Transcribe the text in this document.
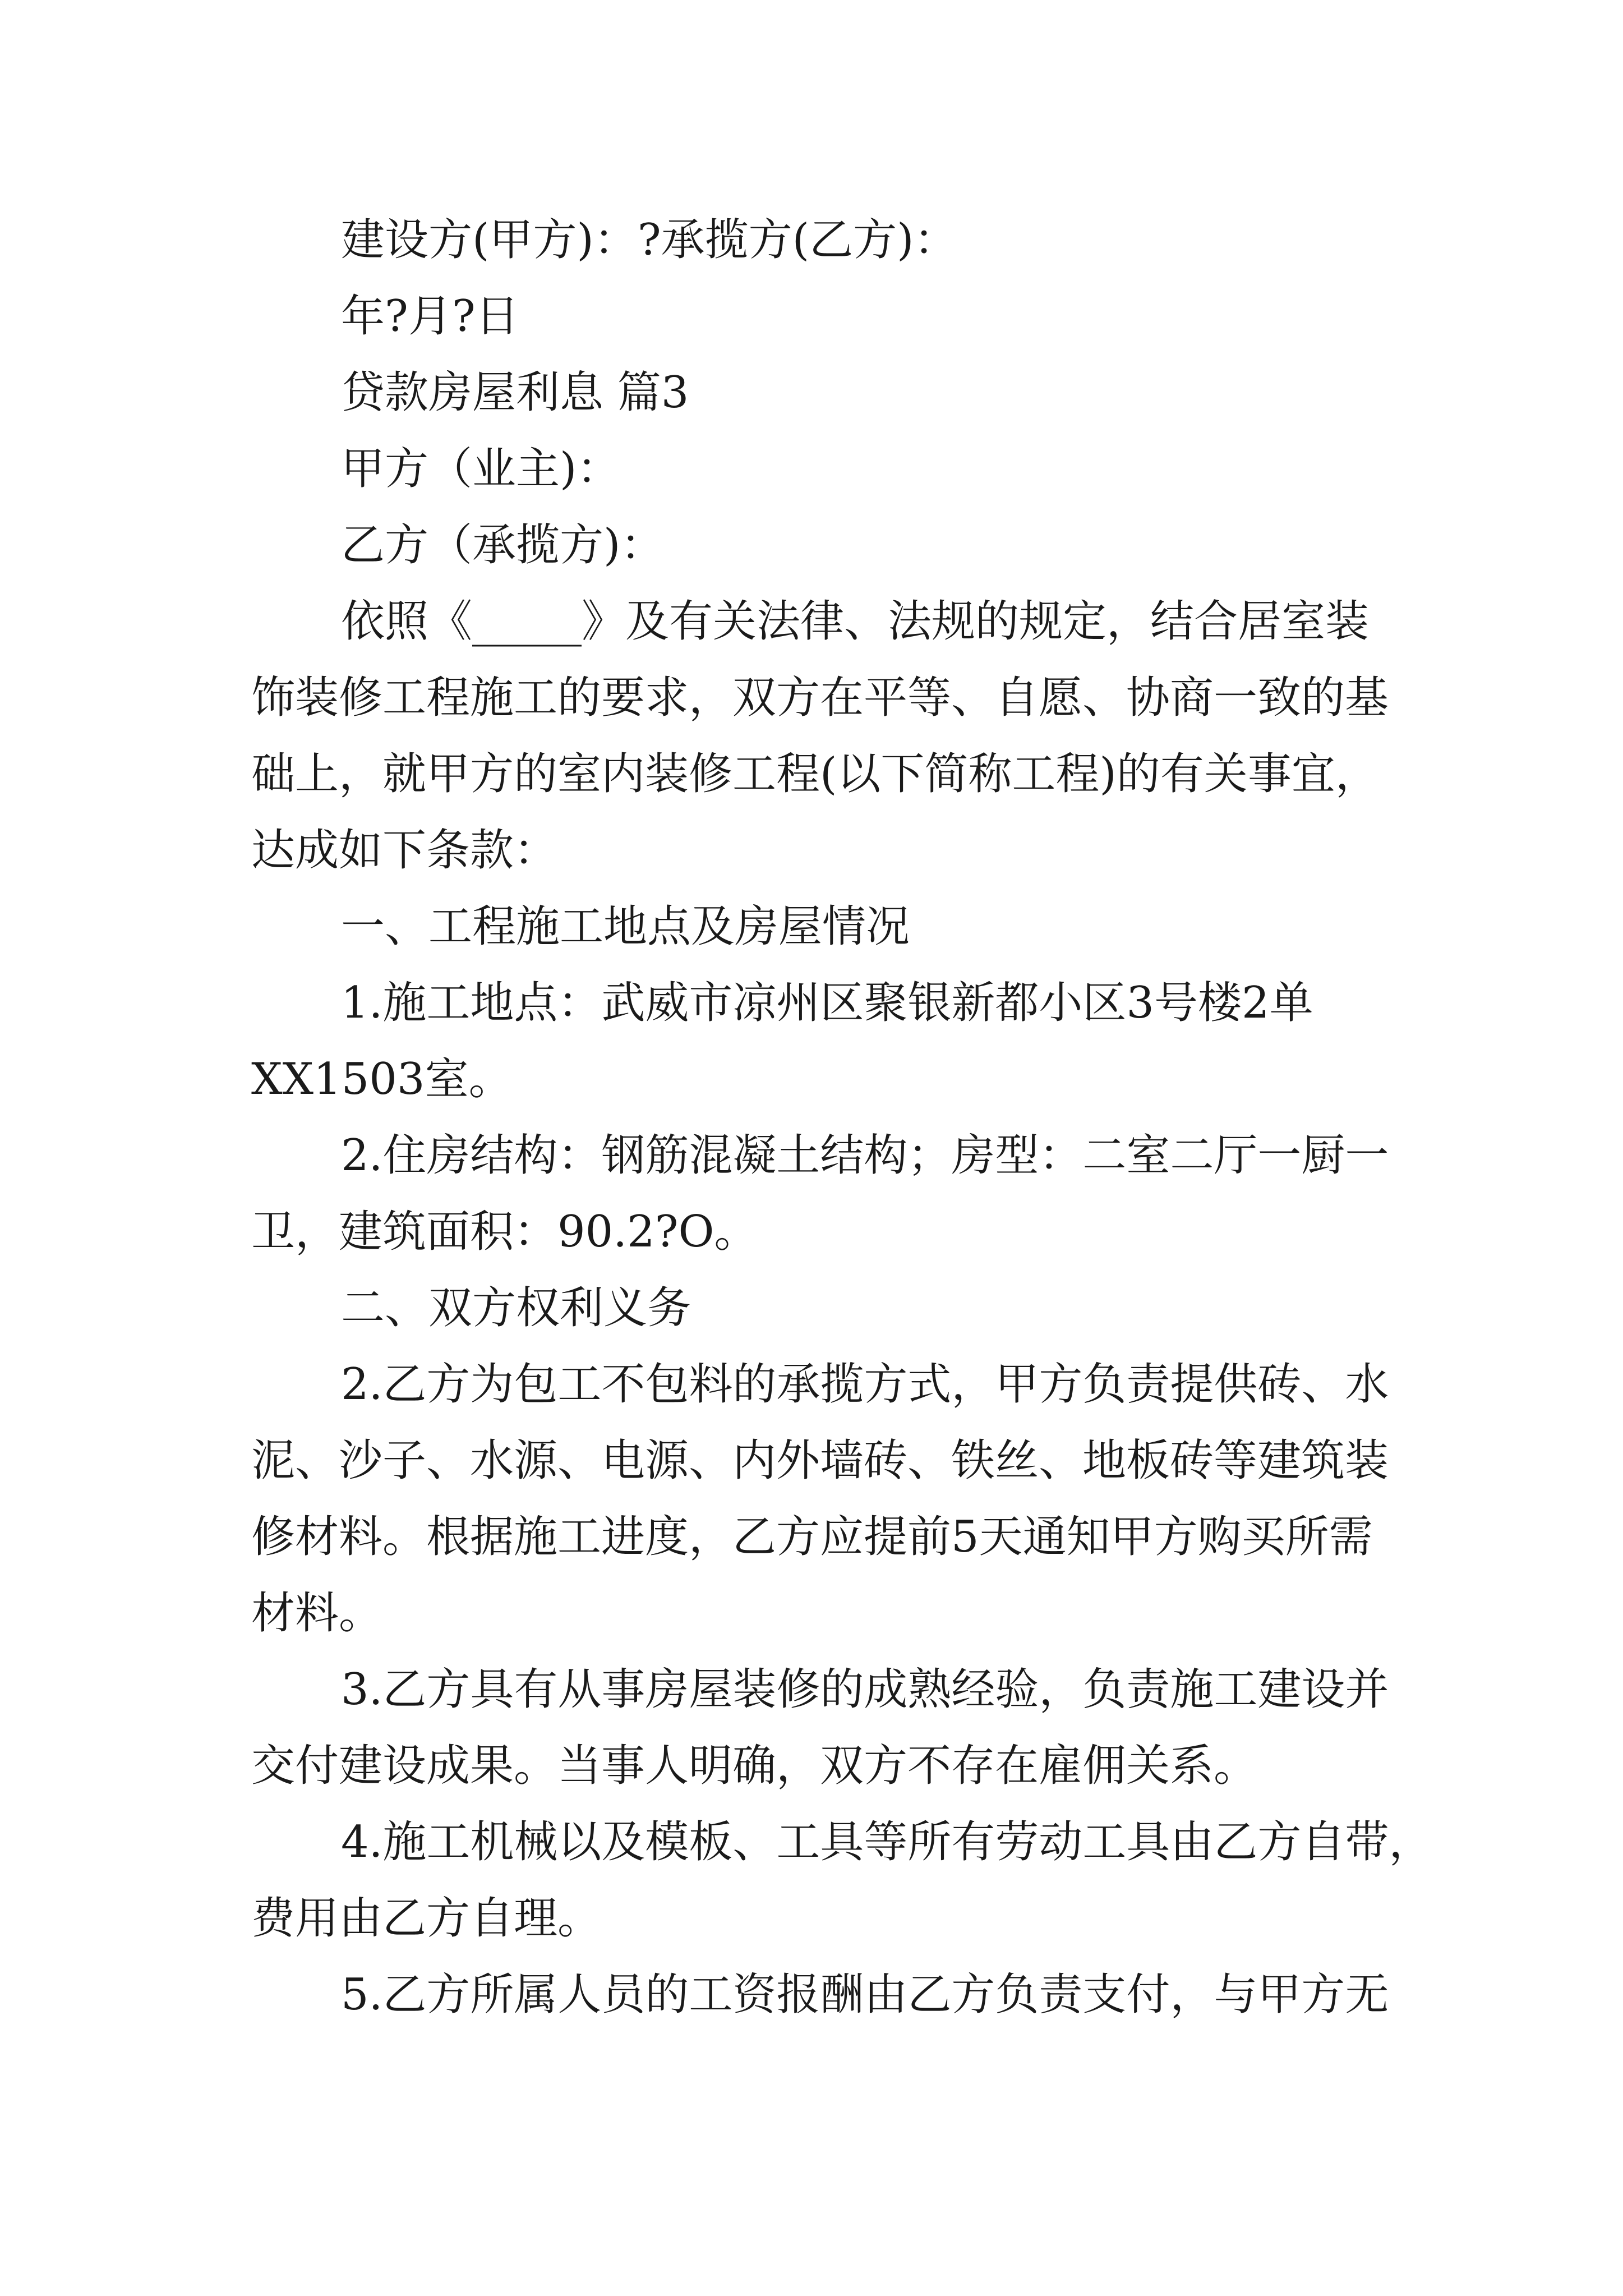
建设方(甲方)：?承揽方(乙方)：
年?月?日
贷款房屋利息 篇3
甲方（业主)：
乙方（承揽方)：
依照《_____》及有关法律、法规的规定，结合居室装
饰装修工程施工的要求，双方在平等、自愿、协商一致的基
础上，就甲方的室内装修工程(以下简称工程)的有关事宜，
达成如下条款：
一、工程施工地点及房屋情况
1.施工地点：武威市凉州区聚银新都小区3号楼2单
XX1503室。
2.住房结构：钢筋混凝土结构；房型：二室二厅一厨一
卫，建筑面积：90.2?O。
二、双方权利义务
2.乙方为包工不包料的承揽方式，甲方负责提供砖、水
泥、沙子、水源、电源、内外墙砖、铁丝、地板砖等建筑装
修材料。根据施工进度，乙方应提前5天通知甲方购买所需
材料。
3.乙方具有从事房屋装修的成熟经验，负责施工建设并
交付建设成果。当事人明确，双方不存在雇佣关系。
4.施工机械以及模板、工具等所有劳动工具由乙方自带，
费用由乙方自理。
5.乙方所属人员的工资报酬由乙方负责支付，与甲方无
